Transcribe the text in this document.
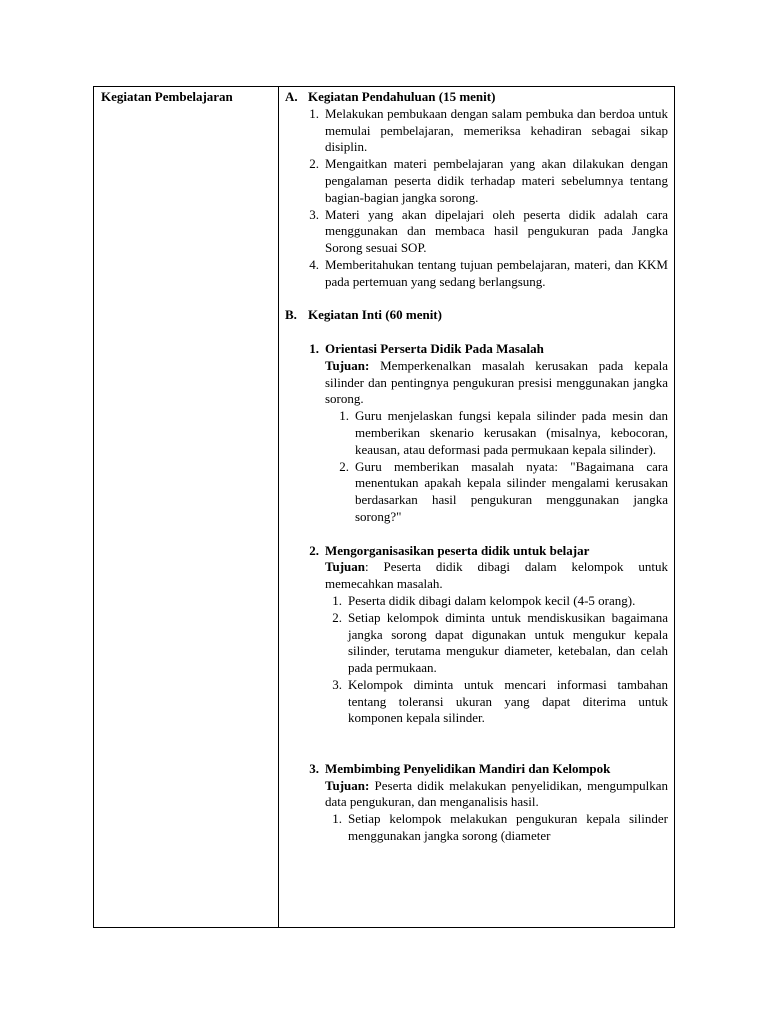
Kegiatan Pembelajaran	A. Kegiatan Pendahuluan (15 menit)
1. Melakukan pembukaan dengan salam pembuka dan berdoa untuk memulai pembelajaran, memeriksa kehadiran sebagai sikap disiplin.
2. Mengaitkan materi pembelajaran yang akan dilakukan dengan pengalaman peserta didik terhadap materi sebelumnya tentang bagian-bagian jangka sorong.
3. Materi yang akan dipelajari oleh peserta didik adalah cara menggunakan dan membaca hasil pengukuran pada Jangka Sorong sesuai SOP.
4. Memberitahukan tentang tujuan pembelajaran, materi, dan KKM pada pertemuan yang sedang berlangsung.
B. Kegiatan Inti (60 menit)
1. Orientasi Perserta Didik Pada Masalah
Tujuan: Memperkenalkan masalah kerusakan pada kepala silinder dan pentingnya pengukuran presisi menggunakan jangka sorong.
1. Guru menjelaskan fungsi kepala silinder pada mesin dan memberikan skenario kerusakan (misalnya, kebocoran, keausan, atau deformasi pada permukaan kepala silinder).
2. Guru memberikan masalah nyata: "Bagaimana cara menentukan apakah kepala silinder mengalami kerusakan berdasarkan hasil pengukuran menggunakan jangka sorong?"
2. Mengorganisasikan peserta didik untuk belajar
Tujuan: Peserta didik dibagi dalam kelompok untuk memecahkan masalah.
1. Peserta didik dibagi dalam kelompok kecil (4-5 orang).
2. Setiap kelompok diminta untuk mendiskusikan bagaimana jangka sorong dapat digunakan untuk mengukur kepala silinder, terutama mengukur diameter, ketebalan, dan celah pada permukaan.
3. Kelompok diminta untuk mencari informasi tambahan tentang toleransi ukuran yang dapat diterima untuk komponen kepala silinder.
3. Membimbing Penyelidikan Mandiri dan Kelompok
Tujuan: Peserta didik melakukan penyelidikan, mengumpulkan data pengukuran, dan menganalisis hasil.
1. Setiap kelompok melakukan pengukuran kepala silinder menggunakan jangka sorong (diameter
